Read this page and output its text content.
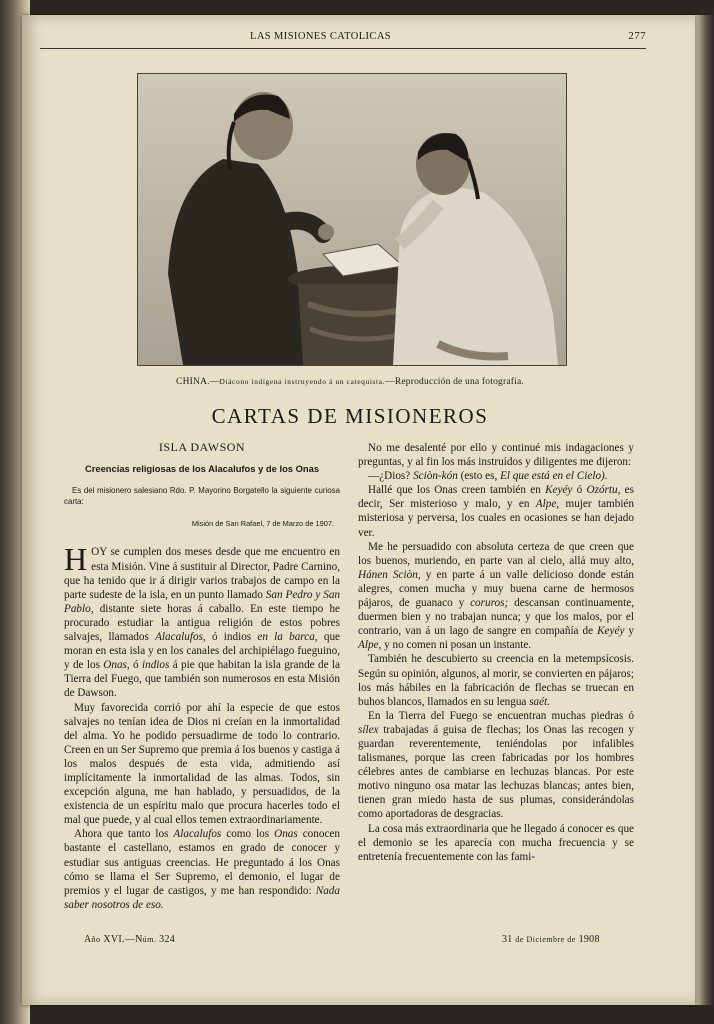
LAS MISIONES CATOLICAS	277
CHINA.—Diácono indígena instruyendo á un catequista.—Reproducción de una fotografía.
CARTAS DE MISIONEROS
ISLA DAWSON
Creencias religiosas de los Alacalufos y de los Onas
Es del misionero salesiano Rdo. P. Mayorino Borgatello la siguiente curiosa carta:
Misión de San Rafael, 7 de Marzo de 1907.

HOY se cumplen dos meses desde que me encuentro en esta Misión. Vine á sustituir al Director, Padre Carnino, que ha tenido que ir á dirigir varios trabajos de campo en la parte sudeste de la isla, en un punto llamado San Pedro y San Pablo, distante siete horas á caballo. En este tiempo he procurado estudiar la antigua religión de estos pobres salvajes, llamados Alacalufos, ó indios en la barca, que moran en esta isla y en los canales del archipiélago fueguino, y de los Onas, ó indios á pie que habitan la isla grande de la Tierra del Fuego, que también son numerosos en esta Misión de Dawson.

Muy favorecida corrió por ahí la especie de que estos salvajes no tenían idea de Dios ni creían en la inmortalidad del alma. Yo he podido persuadirme de todo lo contrario. Creen en un Ser Supremo que premia á los buenos y castiga á los malos después de esta vida, admitiendo así implícitamente la inmortalidad de las almas. Todos, sin excepción alguna, me han hablado, y persuadidos, de la existencia de un espíritu malo que procura hacerles todo el mal que puede, y al cual ellos temen extraordinariamente.

Ahora que tanto los Alacalufos como los Onas conocen bastante el castellano, estamos en grado de conocer y estudiar sus antiguas creencias. He preguntado á los Onas cómo se llama el Ser Supremo, el demonio, el lugar de premios y el lugar de castigos, y me han respondido: Nada saber nosotros de eso.

No me desalenté por ello y continué mis indagaciones y preguntas, y al fin los más instruídos y diligentes me dijeron:

—¿Dios? Sciòn-kón (esto es, El que está en el Cielo).

Hallé que los Onas creen también en Keyéy ó Ozórtu, es decir, Ser misterioso y malo, y en Alpe, mujer también misteriosa y perversa, los cuales en ocasiones se han dejado ver.

Me he persuadido con absoluta certeza de que creen que los buenos, muriendo, en parte van al cielo, allá muy alto, Hánen Sciòn, y en parte á un valle delicioso donde están alegres, comen mucha y muy buena carne de hermosos pájaros, de guanaco y coruros; descansan continuamente, duermen bien y no trabajan nunca; y que los malos, por el contrario, van á un lago de sangre en compañía de Keyéy y Alpe, y no comen ni posan un instante.

También he descubierto su creencia en la metempsícosis. Según su opinión, algunos, al morir, se convierten en pájaros; los más hábiles en la fabricación de flechas se truecan en buhos blancos, llamados en su lengua saét.

En la Tierra del Fuego se encuentran muchas piedras ó sílex trabajadas á guisa de flechas; los Onas las recogen y guardan reverentemente, teniéndolas por infalibles talismanes, porque las creen fabricadas por los hombres célebres antes de cambiarse en lechuzas blancas. Por este motivo ninguno osa matar las lechuzas blancas; antes bien, tienen gran miedo hasta de sus plumas, considerándolas como aportadoras de desgracias.

La cosa más extraordinaria que he llegado á conocer es que el demonio se les aparecía con mucha frecuencia y se entretenía frecuentemente con las fami-

Año XVI.—Núm. 324	31 de Diciembre de 1908
